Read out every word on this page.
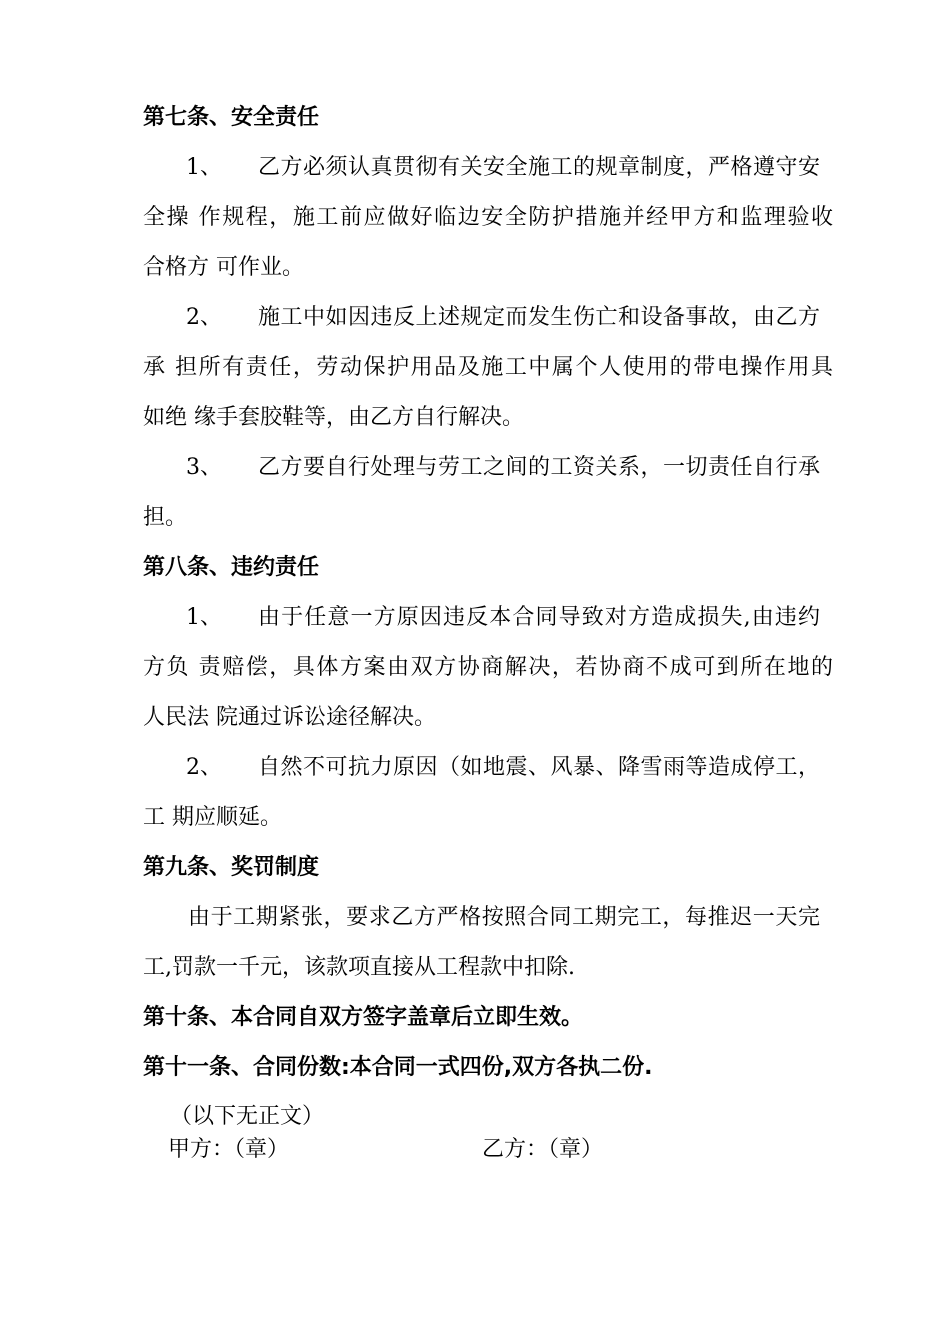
第七条、安全责任
1、 乙方必须认真贯彻有关安全施工的规章制度，严格遵守安
全操 作规程，施工前应做好临边安全防护措施并经甲方和监理验收
合格方 可作业。
2、 施工中如因违反上述规定而发生伤亡和设备事故，由乙方
承 担所有责任，劳动保护用品及施工中属个人使用的带电操作用具
如绝 缘手套胶鞋等，由乙方自行解决。
3、 乙方要自行处理与劳工之间的工资关系，一切责任自行承
担。
第八条、违约责任
1、 由于任意一方原因违反本合同导致对方造成损失,由违约
方负 责赔偿，具体方案由双方协商解决，若协商不成可到所在地的
人民法 院通过诉讼途径解决。
2、 自然不可抗力原因（如地震、风暴、降雪雨等造成停工，
工 期应顺延。
第九条、奖罚制度
由于工期紧张，要求乙方严格按照合同工期完工，每推迟一天完
工,罚款一千元，该款项直接从工程款中扣除.
第十条、本合同自双方签字盖章后立即生效。
第十一条、合同份数:本合同一式四份,双方各执二份.
（以下无正文）
甲方：（章）	乙方：（章）
